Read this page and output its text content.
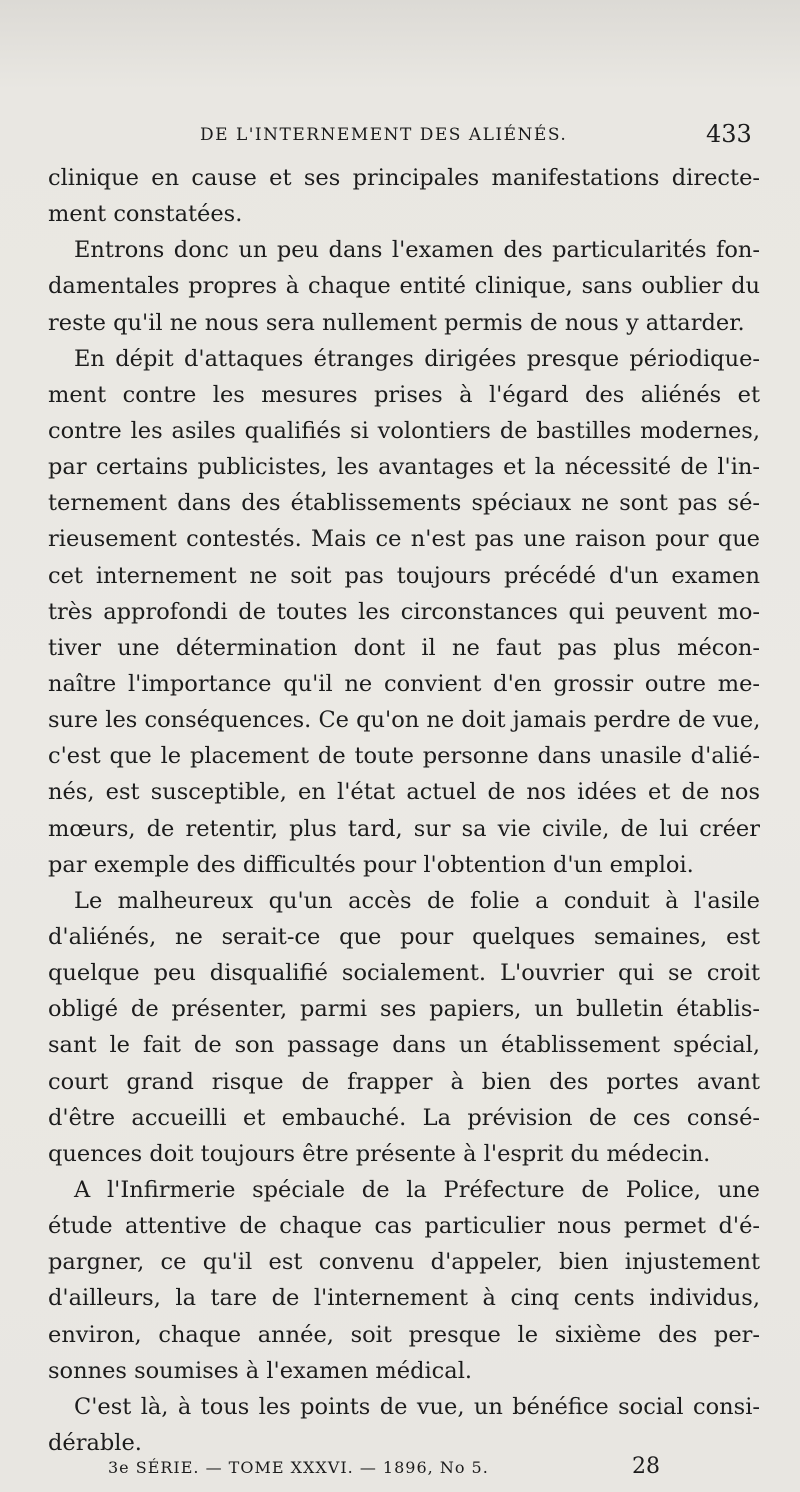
DE L'INTERNEMENT DES ALIÉNÉS.	433
clinique en cause et ses principales manifestations directe-
ment constatées.
Entrons donc un peu dans l'examen des particularités fon-
damentales propres à chaque entité clinique, sans oublier du
reste qu'il ne nous sera nullement permis de nous y attarder.
En dépit d'attaques étranges dirigées presque périodique-
ment contre les mesures prises à l'égard des aliénés et
contre les asiles qualifiés si volontiers de bastilles modernes,
par certains publicistes, les avantages et la nécessité de l'in-
ternement dans des établissements spéciaux ne sont pas sé-
rieusement contestés. Mais ce n'est pas une raison pour que
cet internement ne soit pas toujours précédé d'un examen
très approfondi de toutes les circonstances qui peuvent mo-
tiver une détermination dont il ne faut pas plus mécon-
naître l'importance qu'il ne convient d'en grossir outre me-
sure les conséquences. Ce qu'on ne doit jamais perdre de vue,
c'est que le placement de toute personne dans unasile d'alié-
nés, est susceptible, en l'état actuel de nos idées et de nos
mœurs, de retentir, plus tard, sur sa vie civile, de lui créer
par exemple des difficultés pour l'obtention d'un emploi.
Le malheureux qu'un accès de folie a conduit à l'asile
d'aliénés, ne serait-ce que pour quelques semaines, est
quelque peu disqualifié socialement. L'ouvrier qui se croit
obligé de présenter, parmi ses papiers, un bulletin établis-
sant le fait de son passage dans un établissement spécial,
court grand risque de frapper à bien des portes avant
d'être accueilli et embauché. La prévision de ces consé-
quences doit toujours être présente à l'esprit du médecin.
A l'Infirmerie spéciale de la Préfecture de Police, une
étude attentive de chaque cas particulier nous permet d'é-
pargner, ce qu'il est convenu d'appeler, bien injustement
d'ailleurs, la tare de l'internement à cinq cents individus,
environ, chaque année, soit presque le sixième des per-
sonnes soumises à l'examen médical.
C'est là, à tous les points de vue, un bénéfice social consi-
dérable.
3e SÉRIE. — TOME XXXVI. — 1896, No 5.	28
